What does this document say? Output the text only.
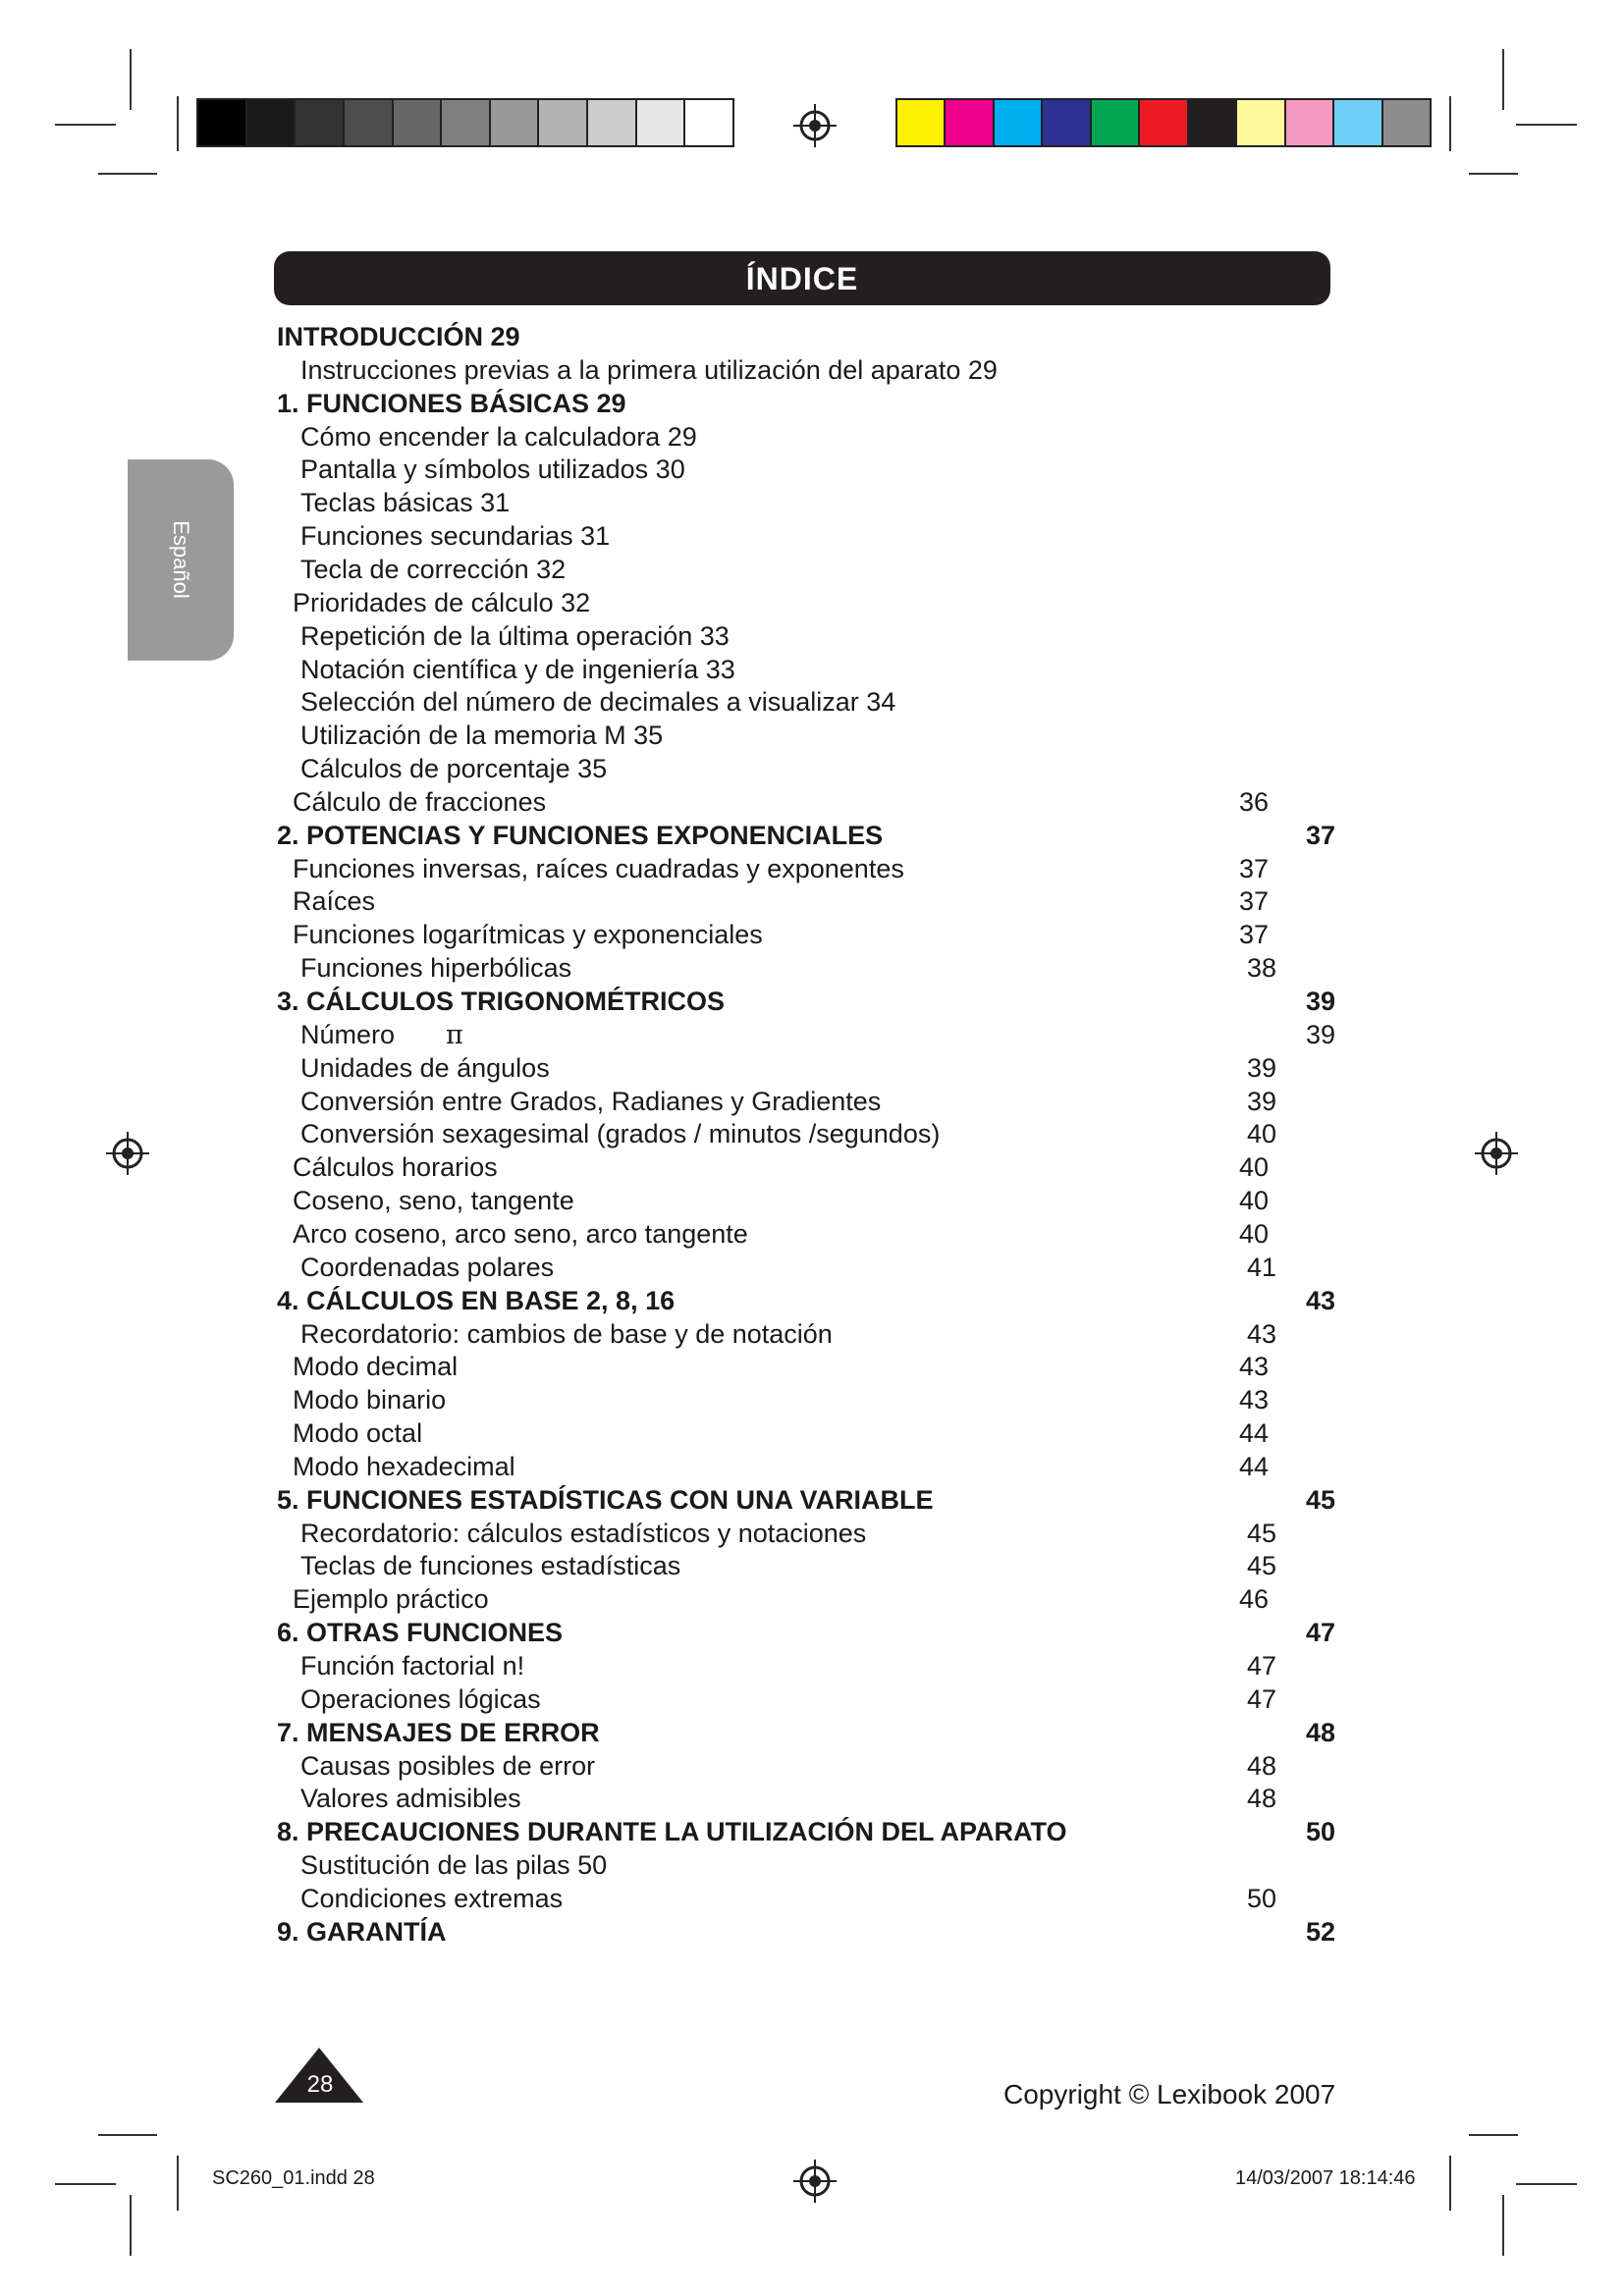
ÍNDICE
Español
INTRODUCCIÓN 29
Instrucciones previas a la primera utilización del aparato 29
1. FUNCIONES BÁSICAS 29
Cómo encender la calculadora 29
Pantalla y símbolos utilizados 30
Teclas básicas 31
Funciones secundarias 31
Tecla de corrección 32
Prioridades de cálculo 32
Repetición de la última operación 33
Notación científica y de ingeniería 33
Selección del número de decimales a visualizar 34
Utilización de la memoria M 35
Cálculos de porcentaje 35
Cálculo de fracciones	36
2. POTENCIAS Y FUNCIONES EXPONENCIALES	37
Funciones inversas, raíces cuadradas y exponentes	37
Raíces	37
Funciones logarítmicas y exponenciales	37
Funciones hiperbólicas	38
3. CÁLCULOS TRIGONOMÉTRICOS	39
Número π	39
Unidades de ángulos	39
Conversión entre Grados, Radianes y Gradientes	39
Conversión sexagesimal (grados / minutos /segundos)	40
Cálculos horarios	40
Coseno, seno, tangente	40
Arco coseno, arco seno, arco tangente	40
Coordenadas polares	41
4. CÁLCULOS EN BASE 2, 8, 16	43
Recordatorio: cambios de base y de notación	43
Modo decimal	43
Modo binario	43
Modo octal	44
Modo hexadecimal	44
5. FUNCIONES ESTADÍSTICAS CON UNA VARIABLE	45
Recordatorio: cálculos estadísticos y notaciones	45
Teclas de funciones estadísticas	45
Ejemplo práctico	46
6. OTRAS FUNCIONES	47
Función factorial n!	47
Operaciones lógicas	47
7. MENSAJES DE ERROR	48
Causas posibles de error	48
Valores admisibles	48
8. PRECAUCIONES DURANTE LA UTILIZACIÓN DEL APARATO	50
Sustitución de las pilas 50
Condiciones extremas	50
9. GARANTÍA	52
28	Copyright © Lexibook 2007
SC260_01.indd 28	14/03/2007 18:14:46
